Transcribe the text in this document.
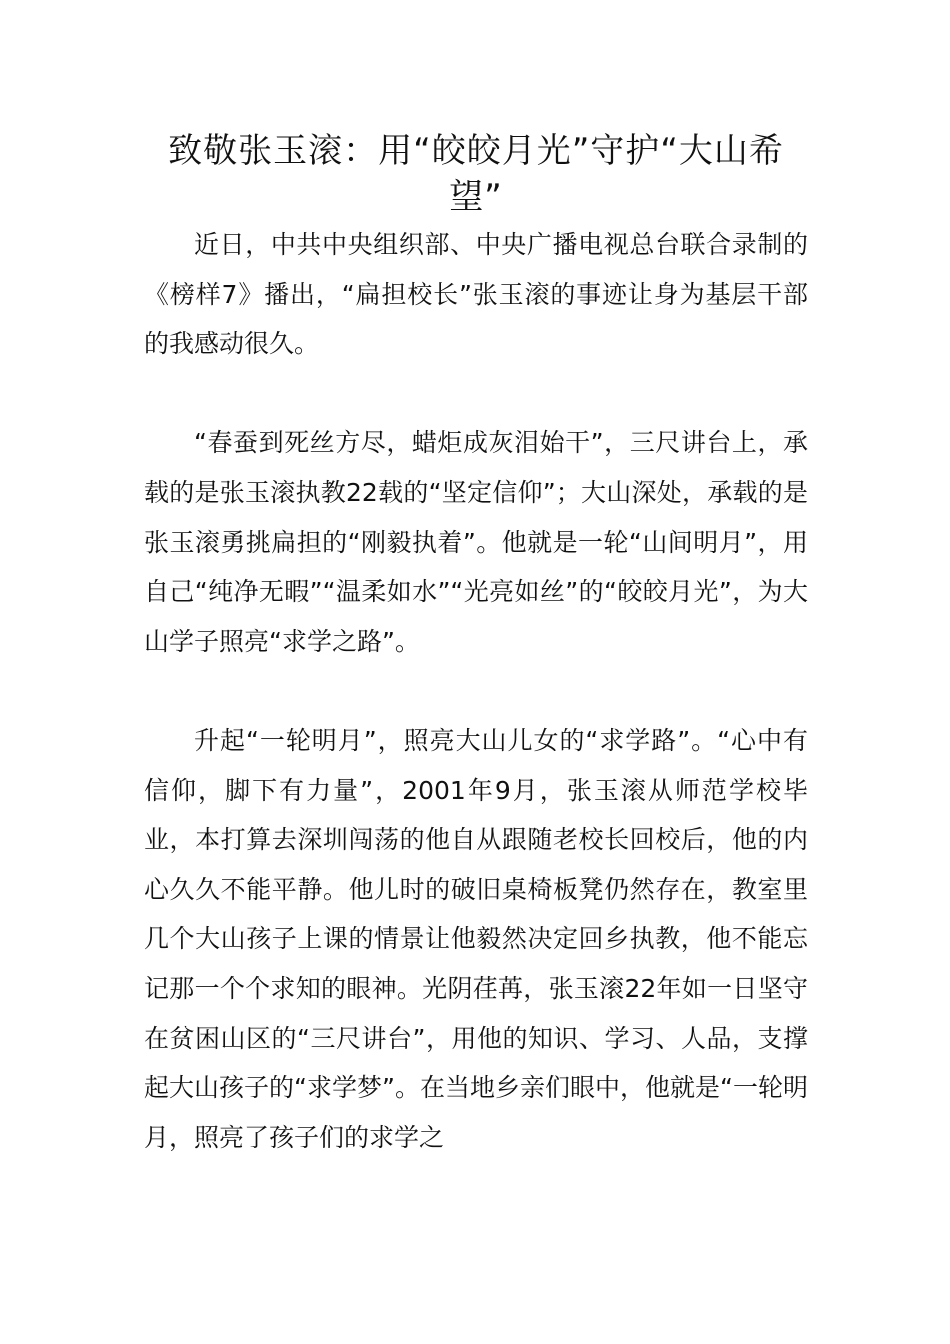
致敬张玉滚：用“皎皎月光”守护“大山希望”

近日，中共中央组织部、中央广播电视总台联合录制的《榜样7》播出，“扁担校长”张玉滚的事迹让身为基层干部的我感动很久。

“春蚕到死丝方尽，蜡炬成灰泪始干”，三尺讲台上，承载的是张玉滚执教22载的“坚定信仰”；大山深处，承载的是张玉滚勇挑扁担的“刚毅执着”。他就是一轮“山间明月”，用自己“纯净无暇”“温柔如水”“光亮如丝”的“皎皎月光”，为大山学子照亮“求学之路”。

升起“一轮明月”，照亮大山儿女的“求学路”。“心中有信仰，脚下有力量”，2001年9月，张玉滚从师范学校毕业，本打算去深圳闯荡的他自从跟随老校长回校后，他的内心久久不能平静。他儿时的破旧桌椅板凳仍然存在，教室里几个大山孩子上课的情景让他毅然决定回乡执教，他不能忘记那一个个求知的眼神。光阴荏苒，张玉滚22年如一日坚守在贫困山区的“三尺讲台”，用他的知识、学习、人品，支撑起大山孩子的“求学梦”。在当地乡亲们眼中，他就是“一轮明月，照亮了孩子们的求学之
